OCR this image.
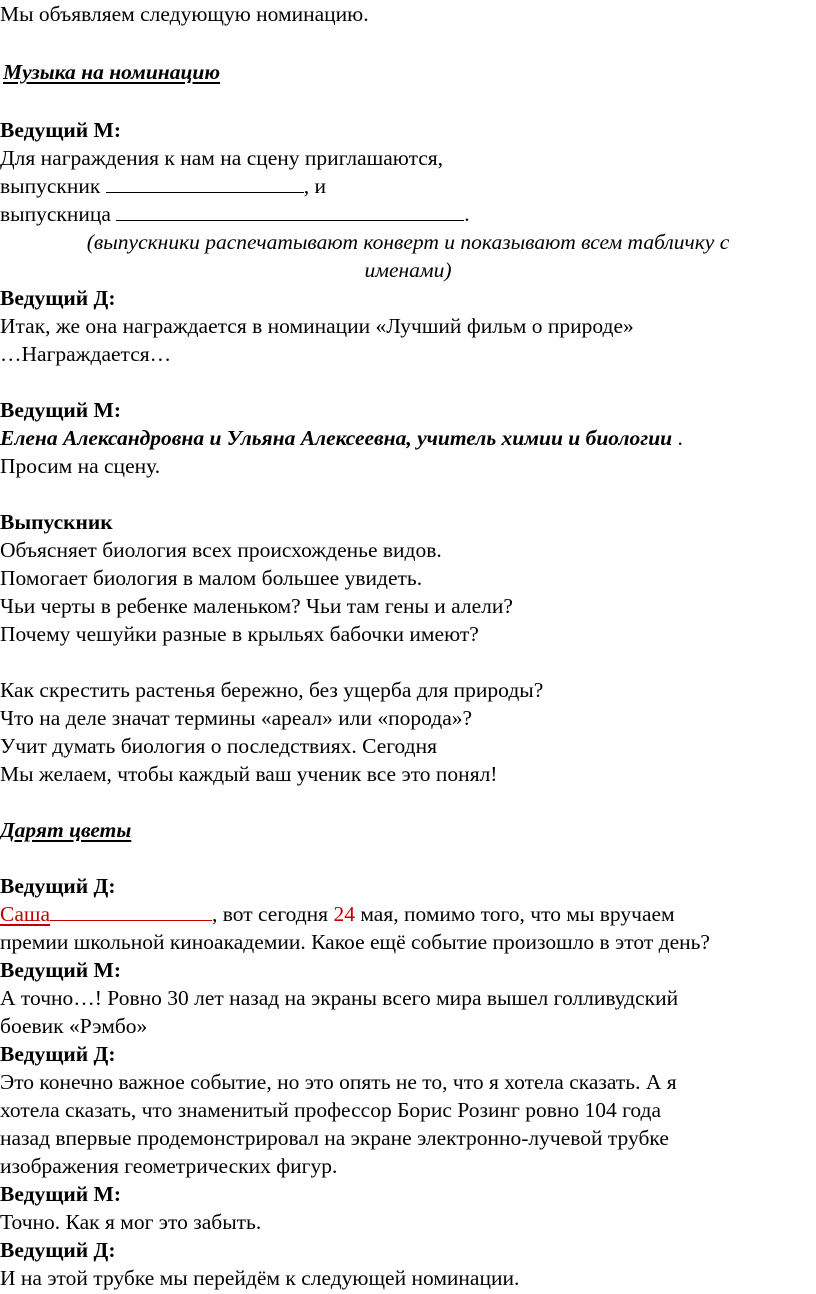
Мы объявляем следующую номинацию.
Музыка на номинацию
Ведущий М:
Для награждения к нам на сцену приглашаются,
выпускник	, и
выпускница	.
(выпускники распечатывают конверт и показывают всем табличку с
именами)
Ведущий Д:
Итак, же она награждается в номинации «Лучший фильм о природе»
…Награждается…
Ведущий М:
Елена Александровна и Ульяна Алексеевна, учитель химии и биологии .
Просим на сцену.
Выпускник
Объясняет биология всех происхожденье видов.
Помогает биология в малом большее увидеть.
Чьи черты в ребенке маленьком? Чьи там гены и алели?
Почему чешуйки разные в крыльях бабочки имеют?
Как скрестить растенья бережно, без ущерба для природы?
Что на деле значат термины «ареал» или «порода»?
Учит думать биология о последствиях. Сегодня
Мы желаем, чтобы каждый ваш ученик все это понял!
Дарят цветы
Ведущий Д:
Саша	, вот сегодня 24 мая, помимо того, что мы вручаем
премии школьной киноакадемии. Какое ещё событие произошло в этот день?
Ведущий М:
А точно…! Ровно 30 лет назад на экраны всего мира вышел голливудский
боевик «Рэмбо»
Ведущий Д:
Это конечно важное событие, но это опять не то, что я хотела сказать. А я
хотела сказать, что знаменитый профессор Борис Розинг ровно 104 года
назад впервые продемонстрировал на экране электронно-лучевой трубке
изображения геометрических фигур.
Ведущий М:
Точно. Как я мог это забыть.
Ведущий Д:
И на этой трубке мы перейдём к следующей номинации.
